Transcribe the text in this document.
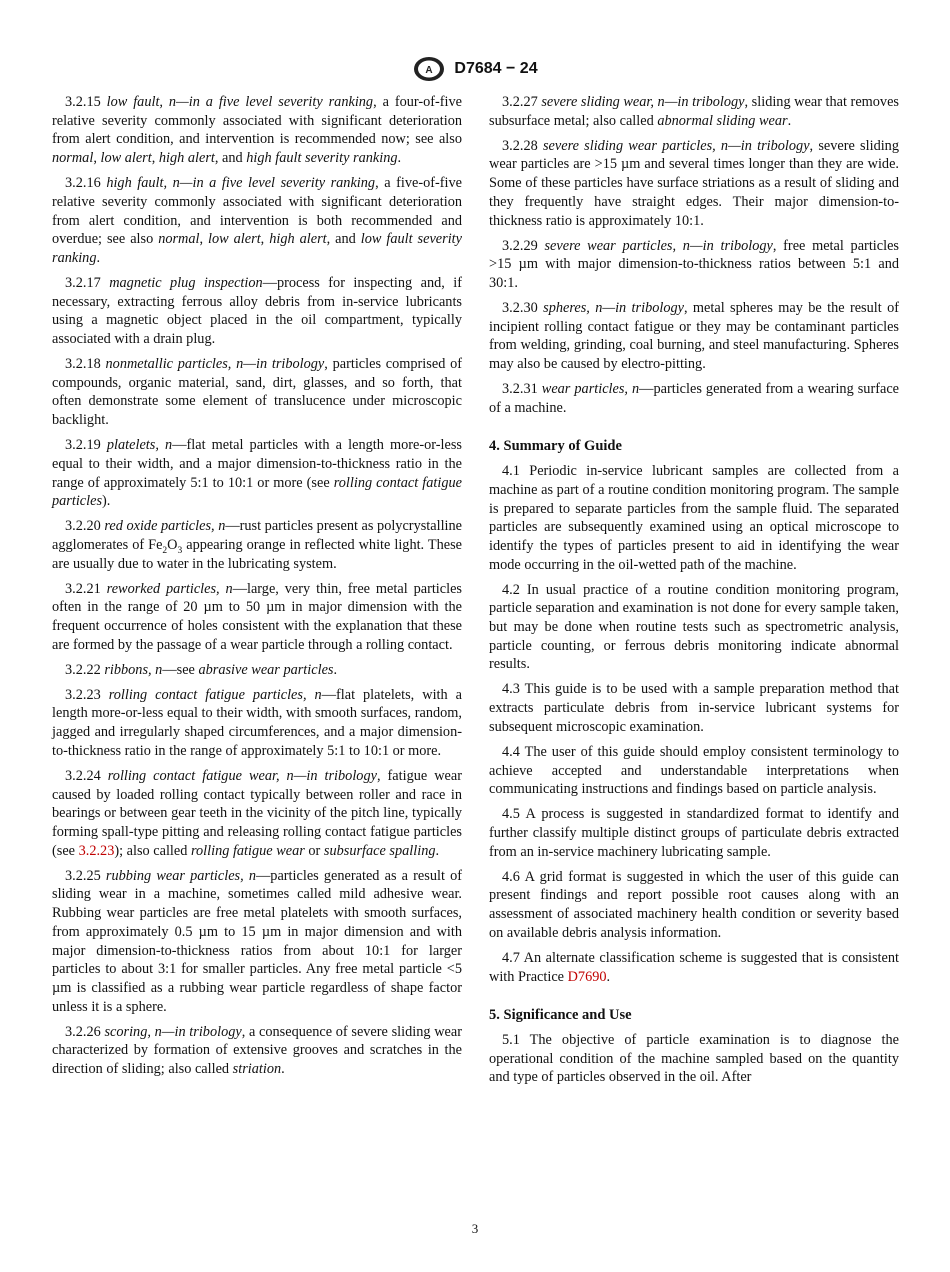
A D7684 − 24

3.2.15 low fault, n—in a five level severity ranking, a four-of-five relative severity commonly associated with significant deterioration from alert condition, and intervention is recommended now; see also normal, low alert, high alert, and high fault severity ranking.

3.2.16 high fault, n—in a five level severity ranking, a five-of-five relative severity commonly associated with significant deterioration from alert condition, and intervention is both recommended and overdue; see also normal, low alert, high alert, and low fault severity ranking.

3.2.17 magnetic plug inspection—process for inspecting and, if necessary, extracting ferrous alloy debris from in-service lubricants using a magnetic object placed in the oil compartment, typically associated with a drain plug.

3.2.18 nonmetallic particles, n—in tribology, particles comprised of compounds, organic material, sand, dirt, glasses, and so forth, that often demonstrate some element of translucence under microscopic backlight.

3.2.19 platelets, n—flat metal particles with a length more-or-less equal to their width, and a major dimension-to-thickness ratio in the range of approximately 5:1 to 10:1 or more (see rolling contact fatigue particles).

3.2.20 red oxide particles, n—rust particles present as polycrystalline agglomerates of $Fe_2O_3$ appearing orange in reflected white light. These are usually due to water in the lubricating system.

3.2.21 reworked particles, n—large, very thin, free metal particles often in the range of 20 µm to 50 µm in major dimension with the frequent occurrence of holes consistent with the explanation that these are formed by the passage of a wear particle through a rolling contact.

3.2.22 ribbons, n—see abrasive wear particles.

3.2.23 rolling contact fatigue particles, n—flat platelets, with a length more-or-less equal to their width, with smooth surfaces, random, jagged and irregularly shaped circumferences, and a major dimension-to-thickness ratio in the range of approximately 5:1 to 10:1 or more.

3.2.24 rolling contact fatigue wear, n—in tribology, fatigue wear caused by loaded rolling contact typically between roller and race in bearings or between gear teeth in the vicinity of the pitch line, typically forming spall-type pitting and releasing rolling contact fatigue particles (see 3.2.23); also called rolling fatigue wear or subsurface spalling.

3.2.25 rubbing wear particles, n—particles generated as a result of sliding wear in a machine, sometimes called mild adhesive wear. Rubbing wear particles are free metal platelets with smooth surfaces, from approximately 0.5 µm to 15 µm in major dimension and with major dimension-to-thickness ratios from about 10:1 for larger particles to about 3:1 for smaller particles. Any free metal particle <5 µm is classified as a rubbing wear particle regardless of shape factor unless it is a sphere.

3.2.26 scoring, n—in tribology, a consequence of severe sliding wear characterized by formation of extensive grooves and scratches in the direction of sliding; also called striation.

3.2.27 severe sliding wear, n—in tribology, sliding wear that removes subsurface metal; also called abnormal sliding wear.

3.2.28 severe sliding wear particles, n—in tribology, severe sliding wear particles are >15 µm and several times longer than they are wide. Some of these particles have surface striations as a result of sliding and they frequently have straight edges. Their major dimension-to-thickness ratio is approximately 10:1.

3.2.29 severe wear particles, n—in tribology, free metal particles >15 µm with major dimension-to-thickness ratios between 5:1 and 30:1.

3.2.30 spheres, n—in tribology, metal spheres may be the result of incipient rolling contact fatigue or they may be contaminant particles from welding, grinding, coal burning, and steel manufacturing. Spheres may also be caused by electro-pitting.

3.2.31 wear particles, n—particles generated from a wearing surface of a machine.

4. Summary of Guide

4.1 Periodic in-service lubricant samples are collected from a machine as part of a routine condition monitoring program. The sample is prepared to separate particles from the sample fluid. The separated particles are subsequently examined using an optical microscope to identify the types of particles present to aid in identifying the wear mode occurring in the oil-wetted path of the machine.

4.2 In usual practice of a routine condition monitoring program, particle separation and examination is not done for every sample taken, but may be done when routine tests such as spectrometric analysis, particle counting, or ferrous debris monitoring indicate abnormal results.

4.3 This guide is to be used with a sample preparation method that extracts particulate debris from in-service lubricant systems for subsequent microscopic examination.

4.4 The user of this guide should employ consistent terminology to achieve accepted and understandable interpretations when communicating instructions and findings based on particle analysis.

4.5 A process is suggested in standardized format to identify and further classify multiple distinct groups of particulate debris extracted from an in-service machinery lubricating sample.

4.6 A grid format is suggested in which the user of this guide can present findings and report possible root causes along with an assessment of associated machinery health condition or severity based on available debris analysis information.

4.7 An alternate classification scheme is suggested that is consistent with Practice D7690.

5. Significance and Use

5.1 The objective of particle examination is to diagnose the operational condition of the machine sampled based on the quantity and type of particles observed in the oil. After

3
